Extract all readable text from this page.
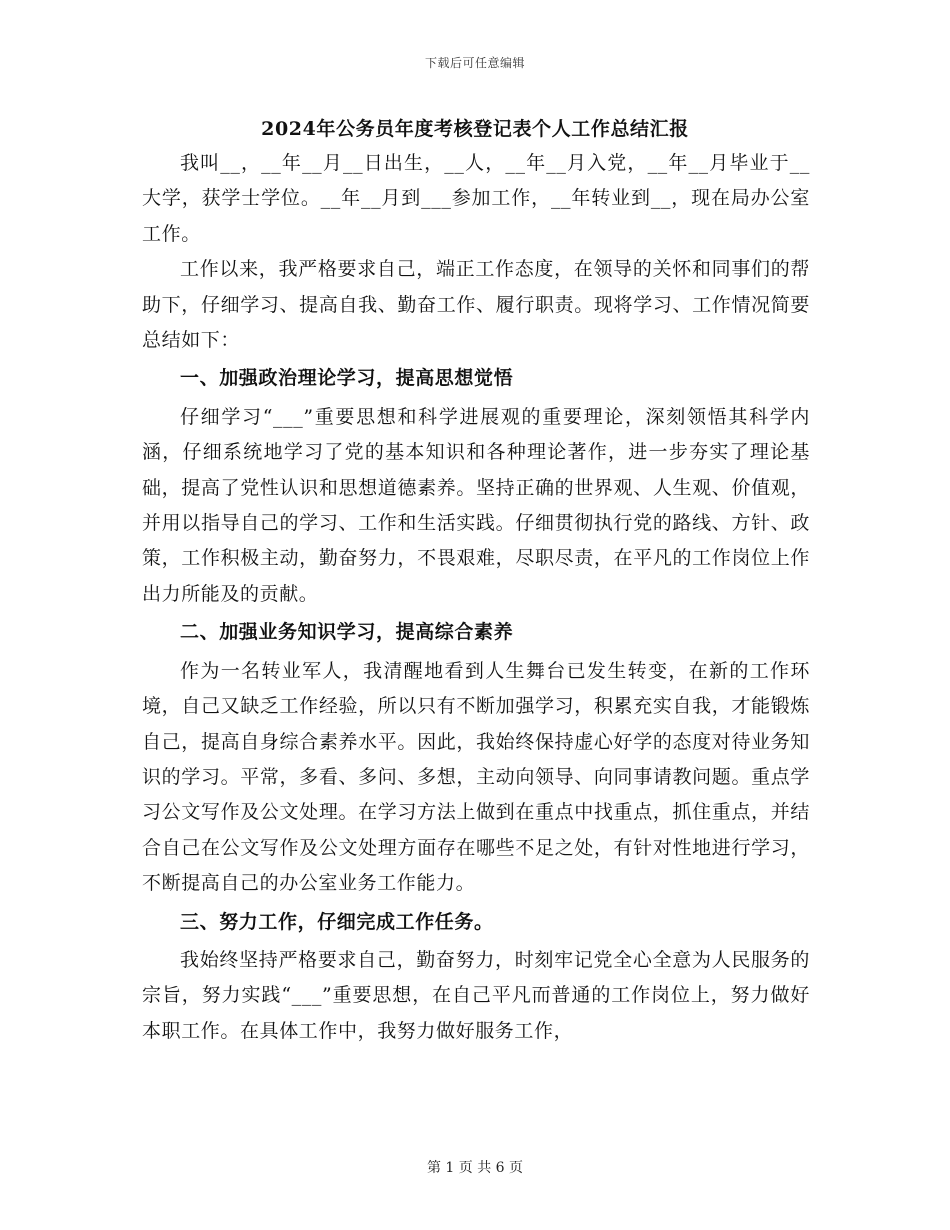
下载后可任意编辑
2024年公务员年度考核登记表个人工作总结汇报

我叫__，__年__月__日出生，__人，__年__月入党，__年__月毕业于__大学，获学士学位。__年__月到___参加工作，__年转业到__，现在局办公室工作。

工作以来，我严格要求自己，端正工作态度，在领导的关怀和同事们的帮助下，仔细学习、提高自我、勤奋工作、履行职责。现将学习、工作情况简要总结如下：

一、加强政治理论学习，提高思想觉悟

仔细学习“___”重要思想和科学进展观的重要理论，深刻领悟其科学内涵，仔细系统地学习了党的基本知识和各种理论著作，进一步夯实了理论基础，提高了党性认识和思想道德素养。坚持正确的世界观、人生观、价值观，并用以指导自己的学习、工作和生活实践。仔细贯彻执行党的路线、方针、政策，工作积极主动，勤奋努力，不畏艰难，尽职尽责，在平凡的工作岗位上作出力所能及的贡献。

二、加强业务知识学习，提高综合素养

作为一名转业军人，我清醒地看到人生舞台已发生转变，在新的工作环境，自己又缺乏工作经验，所以只有不断加强学习，积累充实自我，才能锻炼自己，提高自身综合素养水平。因此，我始终保持虚心好学的态度对待业务知识的学习。平常，多看、多问、多想，主动向领导、向同事请教问题。重点学习公文写作及公文处理。在学习方法上做到在重点中找重点，抓住重点，并结合自己在公文写作及公文处理方面存在哪些不足之处，有针对性地进行学习，不断提高自己的办公室业务工作能力。

三、努力工作，仔细完成工作任务。

我始终坚持严格要求自己，勤奋努力，时刻牢记党全心全意为人民服务的宗旨，努力实践“___”重要思想，在自己平凡而普通的工作岗位上，努力做好本职工作。在具体工作中，我努力做好服务工作，

第 1 页 共 6 页
